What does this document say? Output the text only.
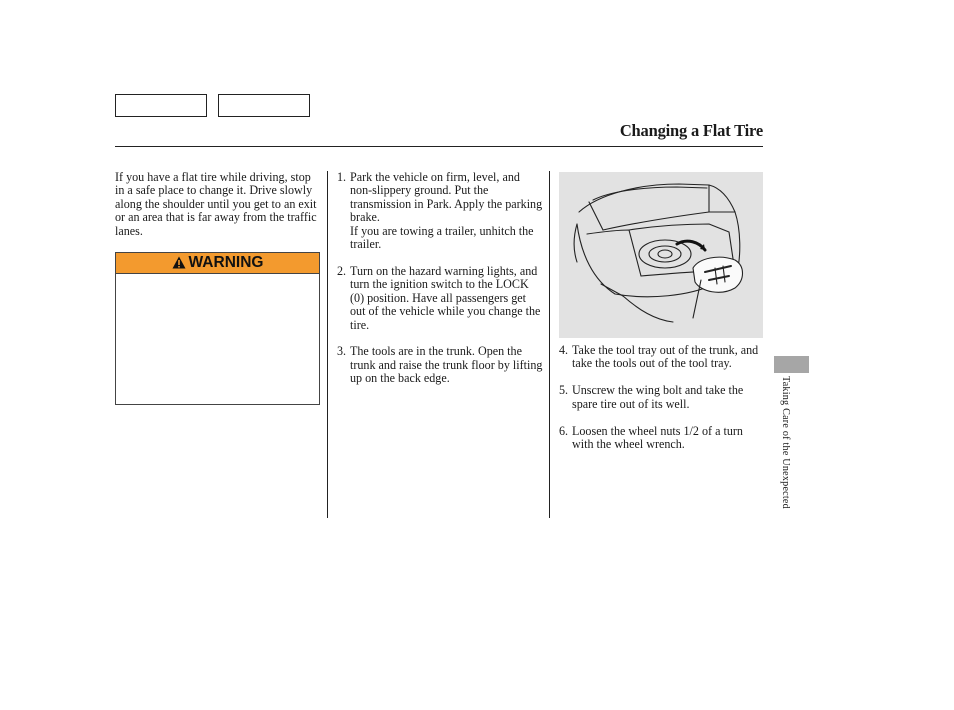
Changing a Flat Tire

If you have a flat tire while driving, stop in a safe place to change it. Drive slowly along the shoulder until you get to an exit or an area that is far away from the traffic lanes.

WARNING
1. Park the vehicle on firm, level, and non-slippery ground. Put the transmission in Park. Apply the parking brake.
If you are towing a trailer, unhitch the trailer.
2. Turn on the hazard warning lights, and turn the ignition switch to the LOCK (0) position. Have all passengers get out of the vehicle while you change the tire.
3. The tools are in the trunk. Open the trunk and raise the trunk floor by lifting up on the back edge.
4. Take the tool tray out of the trunk, and take the tools out of the tool tray.
5. Unscrew the wing bolt and take the spare tire out of its well.
6. Loosen the wheel nuts 1/2 of a turn with the wheel wrench.	Taking Care of the Unexpected
